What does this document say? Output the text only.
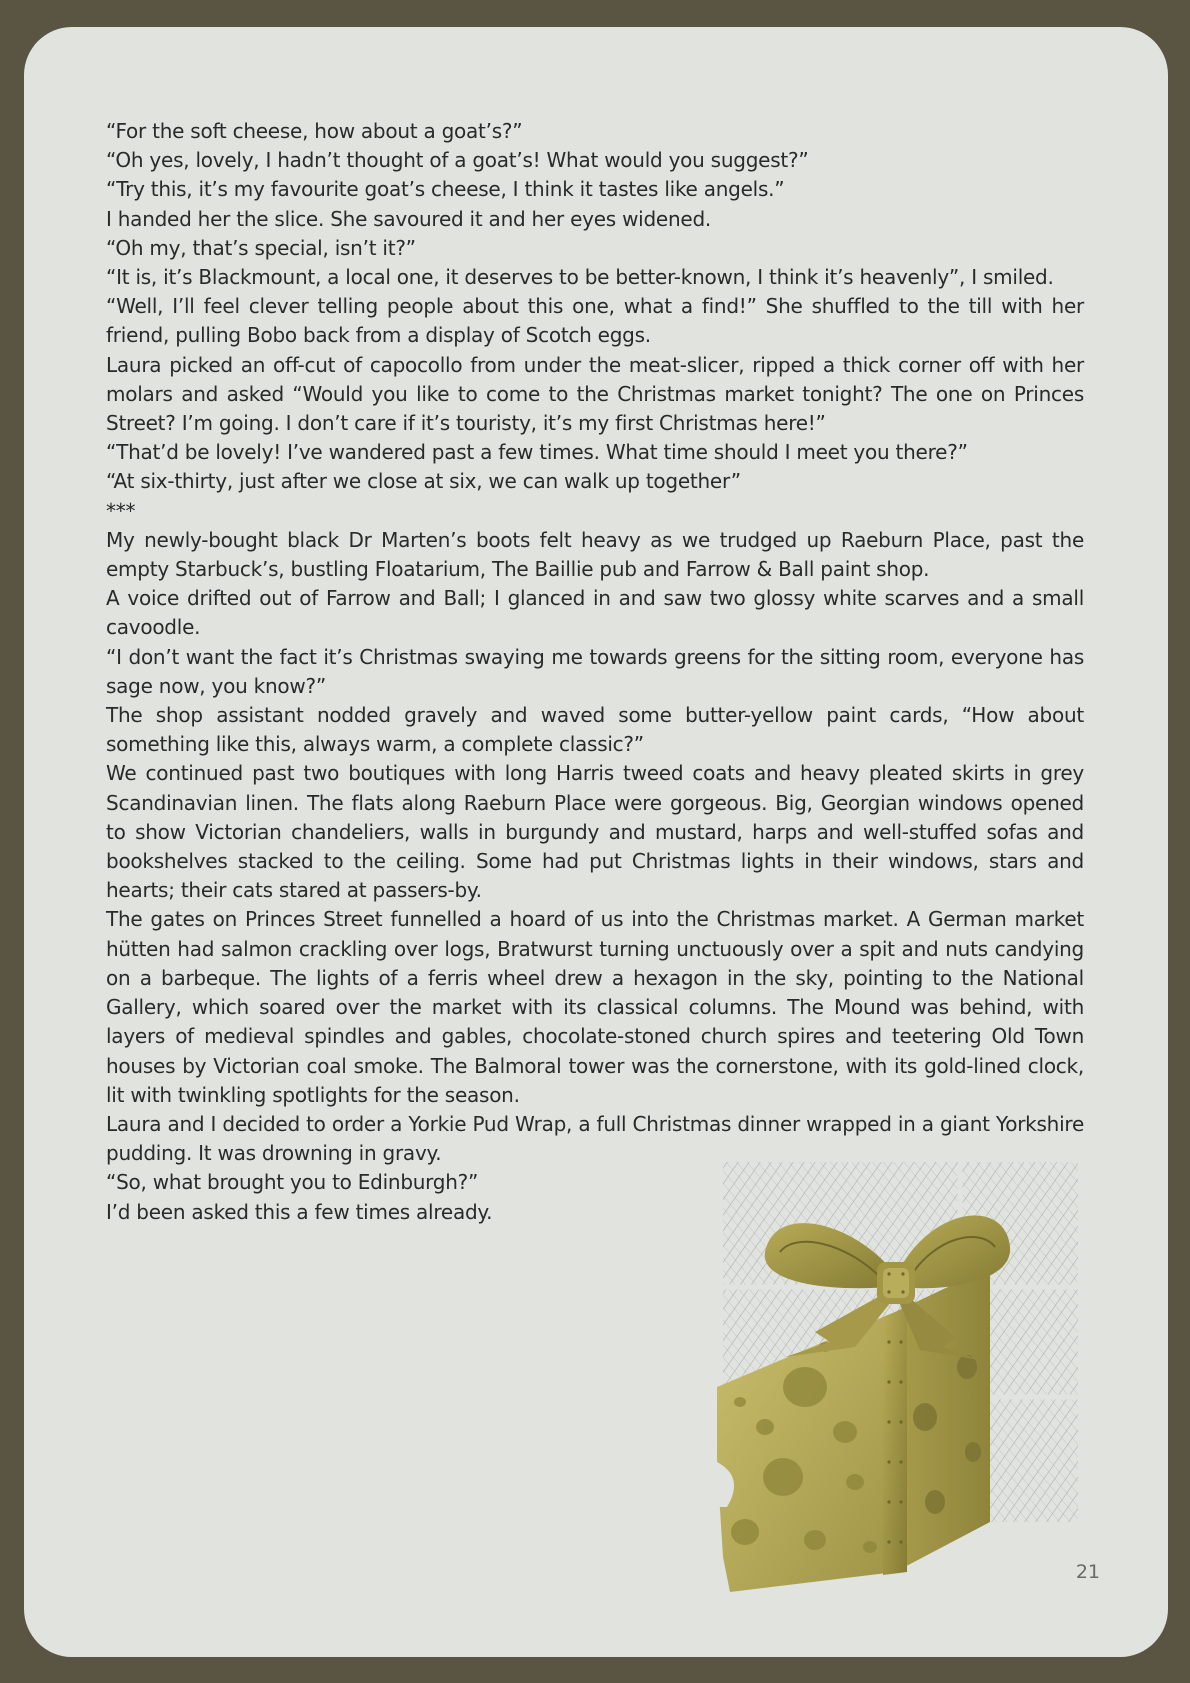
“For the soft cheese, how about a goat’s?”

“Oh yes, lovely, I hadn’t thought of a goat’s! What would you suggest?”

“Try this, it’s my favourite goat’s cheese, I think it tastes like angels.”

I handed her the slice. She savoured it and her eyes widened.

“Oh my, that’s special, isn’t it?”

“It is, it’s Blackmount, a local one, it deserves to be better-known, I think it’s heavenly”, I smiled.

“Well, I’ll feel clever telling people about this one, what a find!” She shuffled to the till with her friend, pulling Bobo back from a display of Scotch eggs.

Laura picked an off-cut of capocollo from under the meat-slicer, ripped a thick corner off with her molars and asked “Would you like to come to the Christmas market tonight? The one on Princes Street? I’m going. I don’t care if it’s touristy, it’s my first Christmas here!”

“That’d be lovely! I’ve wandered past a few times. What time should I meet you there?”

“At six-thirty, just after we close at six, we can walk up together”

***

My newly-bought black Dr Marten’s boots felt heavy as we trudged up Raeburn Place, past the empty Starbuck’s, bustling Floatarium, The Baillie pub and Farrow & Ball paint shop.

A voice drifted out of Farrow and Ball; I glanced in and saw two glossy white scarves and a small cavoodle.

“I don’t want the fact it’s Christmas swaying me towards greens for the sitting room, everyone has sage now, you know?”

The shop assistant nodded gravely and waved some butter-yellow paint cards, “How about something like this, always warm, a complete classic?”

We continued past two boutiques with long Harris tweed coats and heavy pleated skirts in grey Scandinavian linen. The flats along Raeburn Place were gorgeous. Big, Georgian windows opened to show Victorian chandeliers, walls in burgundy and mustard, harps and well-stuffed sofas and bookshelves stacked to the ceiling. Some had put Christmas lights in their windows, stars and hearts; their cats stared at passers-by.

The gates on Princes Street funnelled a hoard of us into the Christmas market. A German market hütten had salmon crackling over logs, Bratwurst turning unctuously over a spit and nuts candying on a barbeque. The lights of a ferris wheel drew a hexagon in the sky, pointing to the National Gallery, which soared over the market with its classical columns. The Mound was behind, with layers of medieval spindles and gables, chocolate-stoned church spires and teetering Old Town houses by Victorian coal smoke. The Balmoral tower was the cornerstone, with its gold-lined clock, lit with twinkling spotlights for the season.

Laura and I decided to order a Yorkie Pud Wrap, a full Christmas dinner wrapped in a giant Yorkshire pudding. It was drowning in gravy.

“So, what brought you to Edinburgh?”

I’d been asked this a few times already.

21
